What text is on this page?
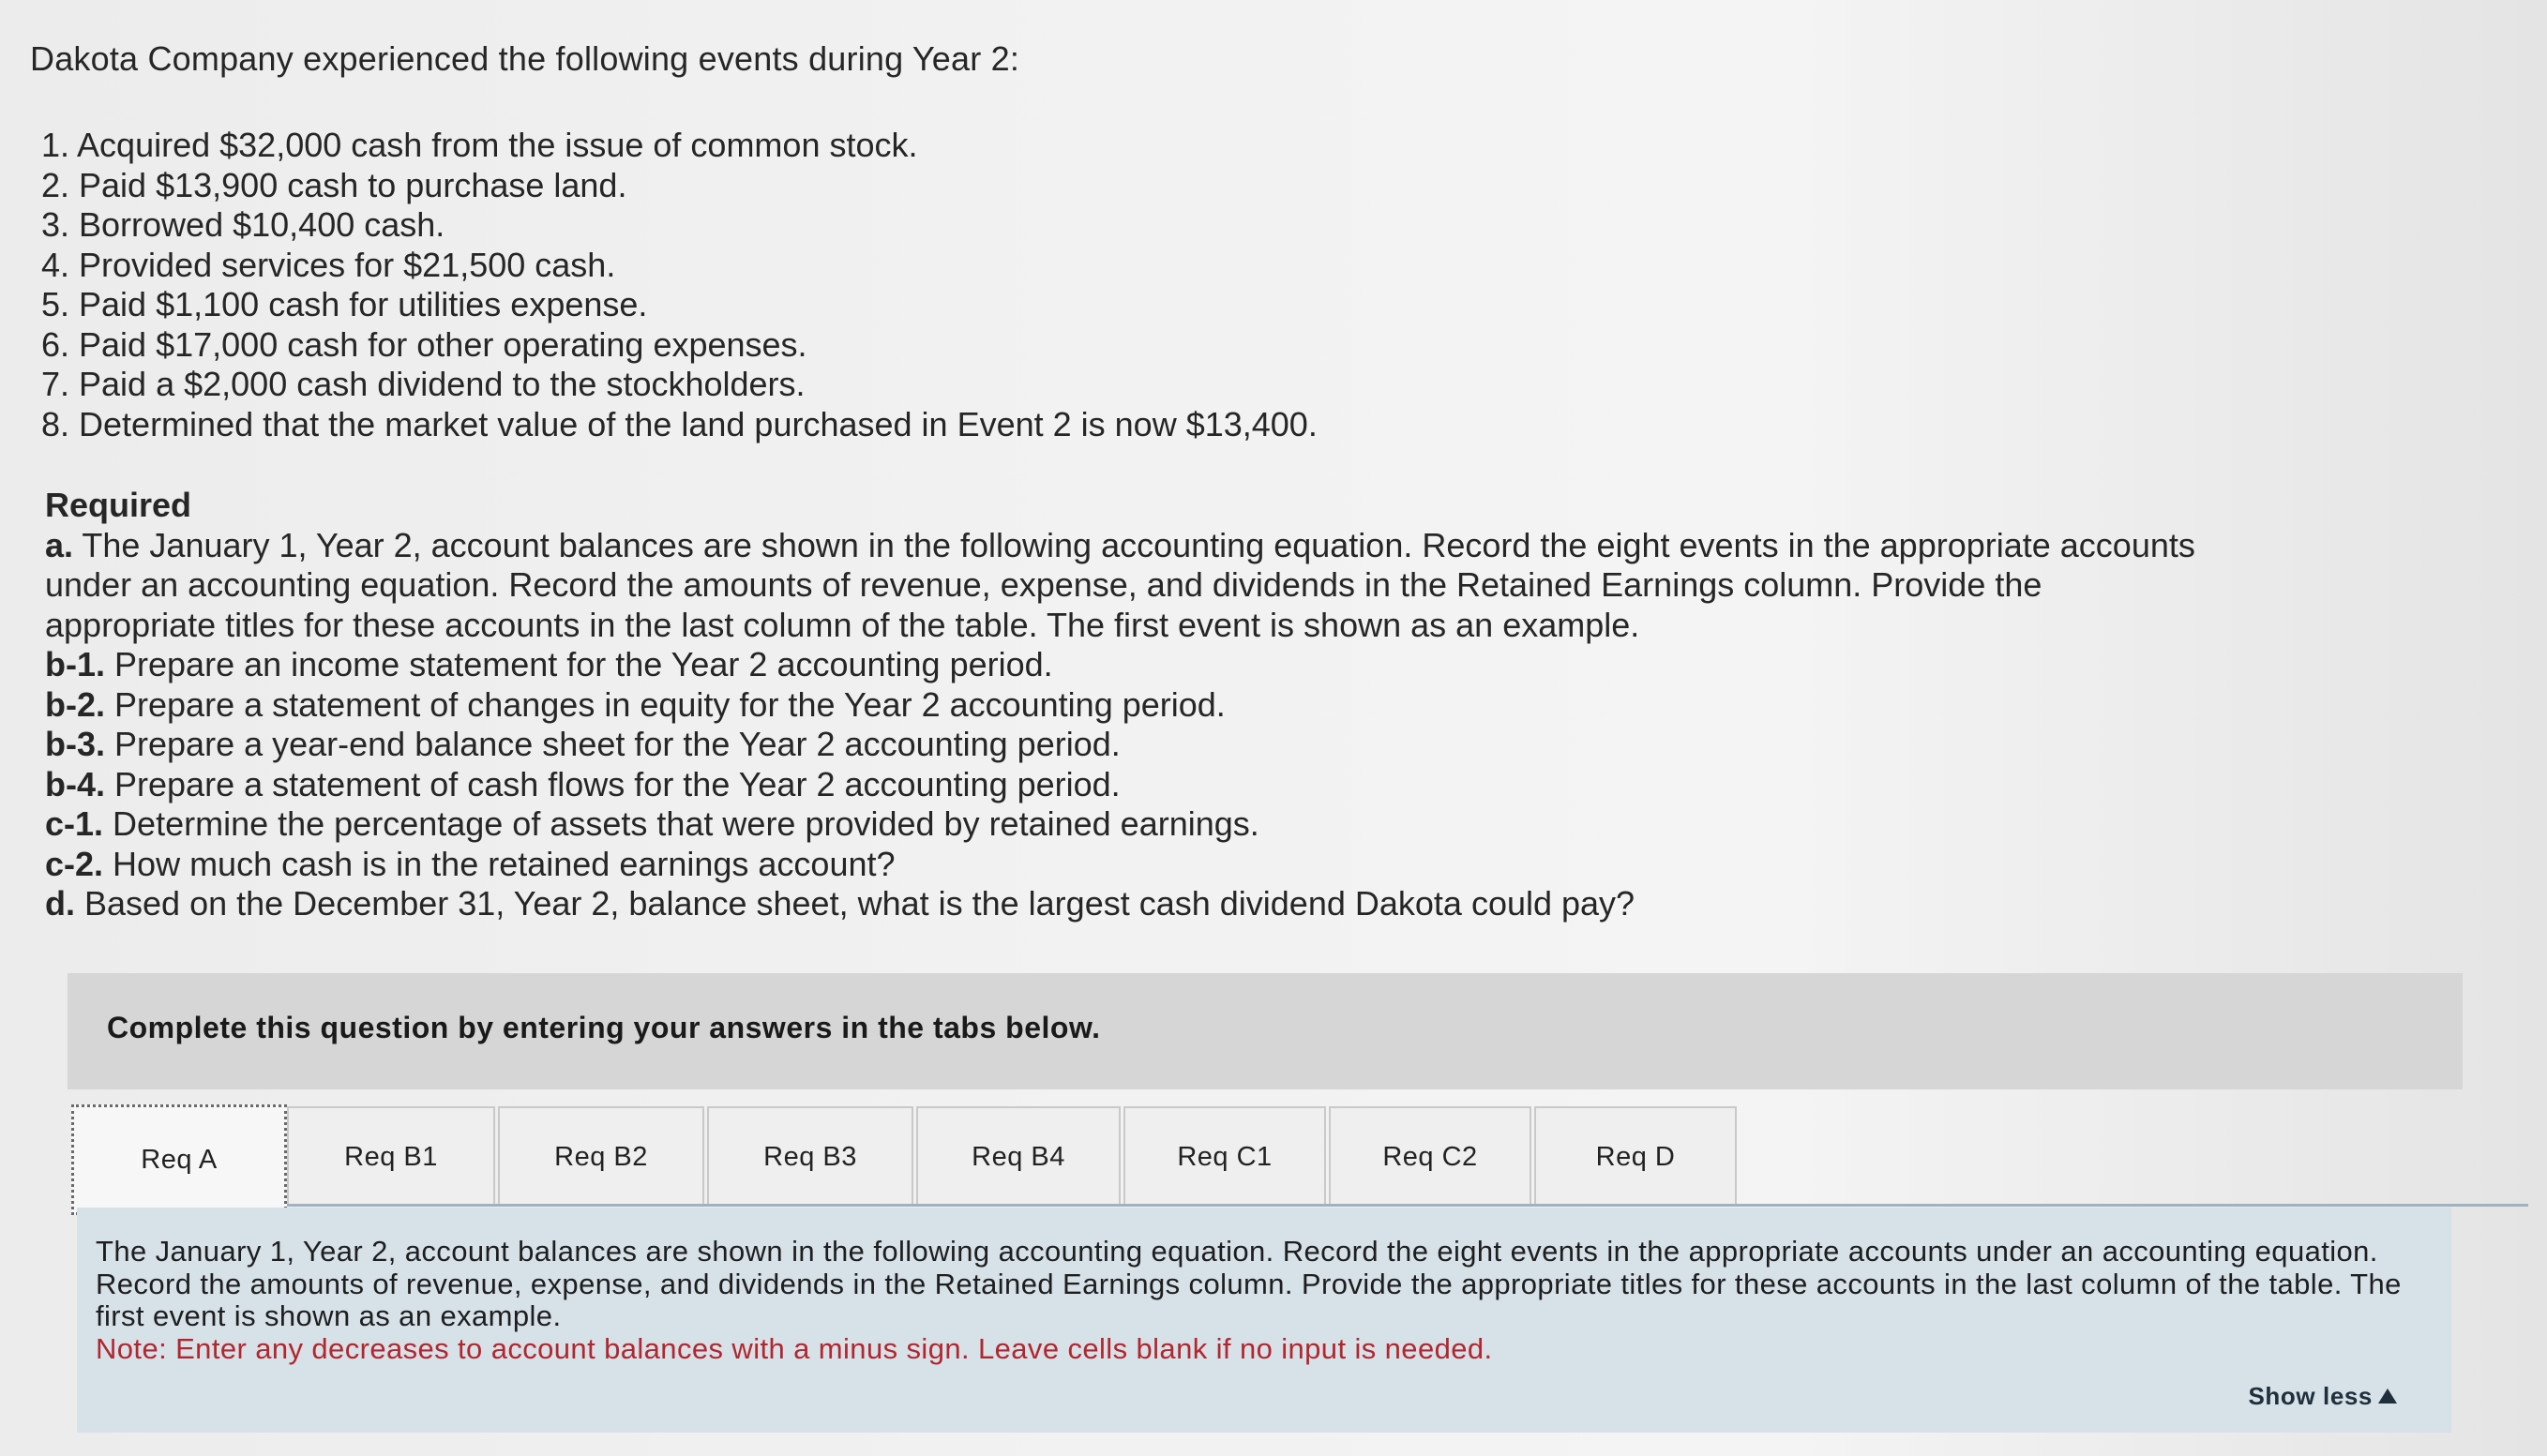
Dakota Company experienced the following events during Year 2:
1. Acquired $32,000 cash from the issue of common stock.
2. Paid $13,900 cash to purchase land.
3. Borrowed $10,400 cash.
4. Provided services for $21,500 cash.
5. Paid $1,100 cash for utilities expense.
6. Paid $17,000 cash for other operating expenses.
7. Paid a $2,000 cash dividend to the stockholders.
8. Determined that the market value of the land purchased in Event 2 is now $13,400.
Required

a. The January 1, Year 2, account balances are shown in the following accounting equation. Record the eight events in the appropriate accounts under an accounting equation. Record the amounts of revenue, expense, and dividends in the Retained Earnings column. Provide the appropriate titles for these accounts in the last column of the table. The first event is shown as an example.

b-1. Prepare an income statement for the Year 2 accounting period.

b-2. Prepare a statement of changes in equity for the Year 2 accounting period.

b-3. Prepare a year-end balance sheet for the Year 2 accounting period.

b-4. Prepare a statement of cash flows for the Year 2 accounting period.

c-1. Determine the percentage of assets that were provided by retained earnings.

c-2. How much cash is in the retained earnings account?

d. Based on the December 31, Year 2, balance sheet, what is the largest cash dividend Dakota could pay?

Complete this question by entering your answers in the tabs below.
Req A	Req B1	Req B2	Req B3	Req B4	Req C1	Req C2	Req D
The January 1, Year 2, account balances are shown in the following accounting equation. Record the eight events in the appropriate accounts under an accounting equation. Record the amounts of revenue, expense, and dividends in the Retained Earnings column. Provide the appropriate titles for these accounts in the last column of the table. The first event is shown as an example.
Note: Enter any decreases to account balances with a minus sign. Leave cells blank if no input is needed.
Show less
